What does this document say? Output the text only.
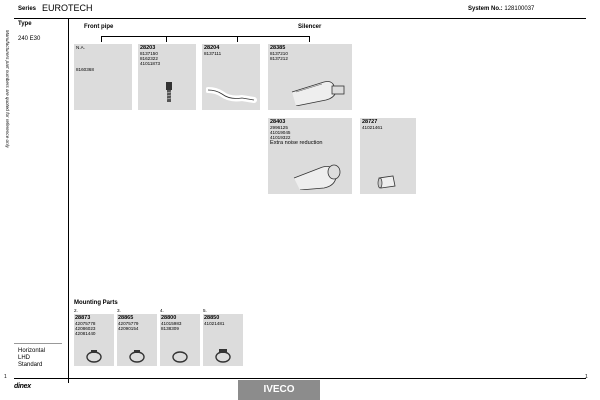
Series EUROTECH	System No.: 128100037
Manufacturers part numbers are quoted for reference only
Type
240 E30
Horizontal
LHD
Standard
Front pipe	Silencer
N.A.
8160368
28203
8137150
8162322
41011873
28204
8137111
28385
8137210
8137212
28403
2996125
41019045
41019322
Extra noise reduction
28727
41021461
Mounting Parts
2.
28873
42075778
42086023
42081440
3.
28865
42075779
42090154
4.
28800
41015983
8138309
5.
28850
41021481
1	1
dinex	IVECO
